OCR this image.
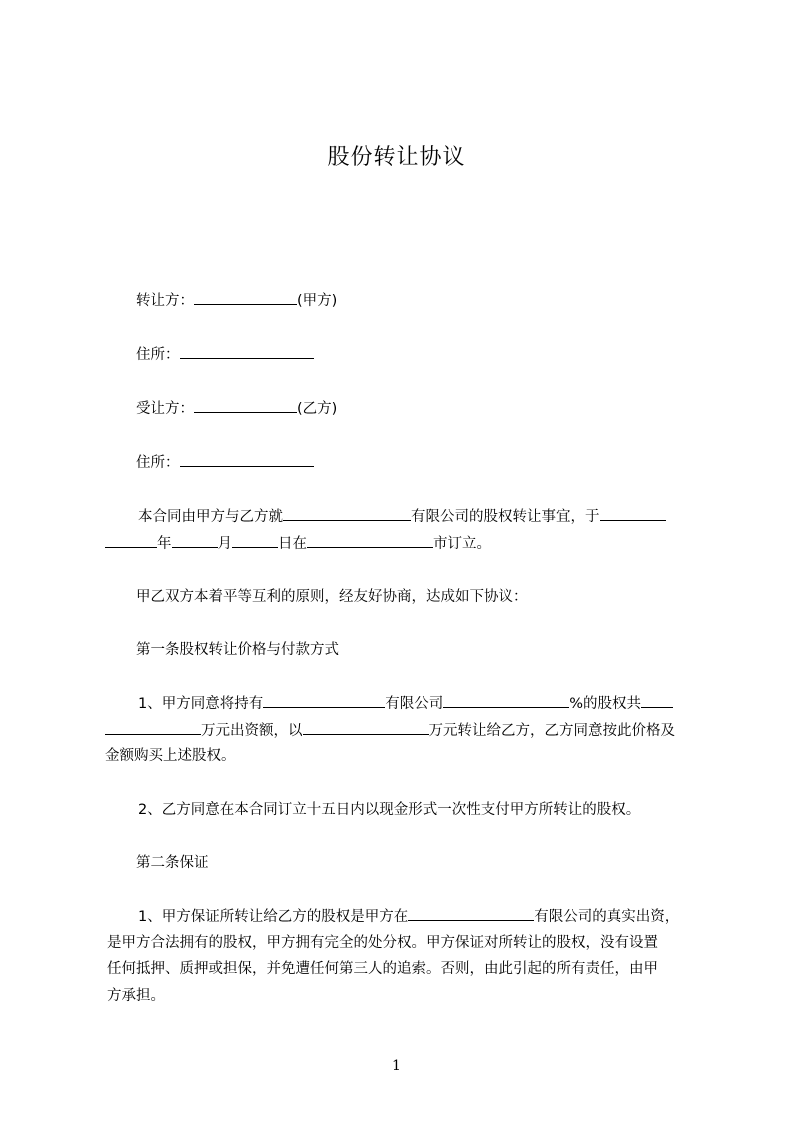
股份转让协议
转让方：	(甲方)
住所：
受让方：	(乙方)
住所：
本合同由甲方与乙方就	有限公司的股权转让事宜，于
年	月	日在	市订立。
甲乙双方本着平等互利的原则，经友好协商，达成如下协议：
第一条股权转让价格与付款方式
1、甲方同意将持有	有限公司	%的股权共
万元出资额，以	万元转让给乙方，乙方同意按此价格及
金额购买上述股权。
2、乙方同意在本合同订立十五日内以现金形式一次性支付甲方所转让的股权。
第二条保证
1、甲方保证所转让给乙方的股权是甲方在	有限公司的真实出资，
是甲方合法拥有的股权，甲方拥有完全的处分权。甲方保证对所转让的股权，没有设置
任何抵押、质押或担保，并免遭任何第三人的追索。否则，由此引起的所有责任，由甲
方承担。
1
